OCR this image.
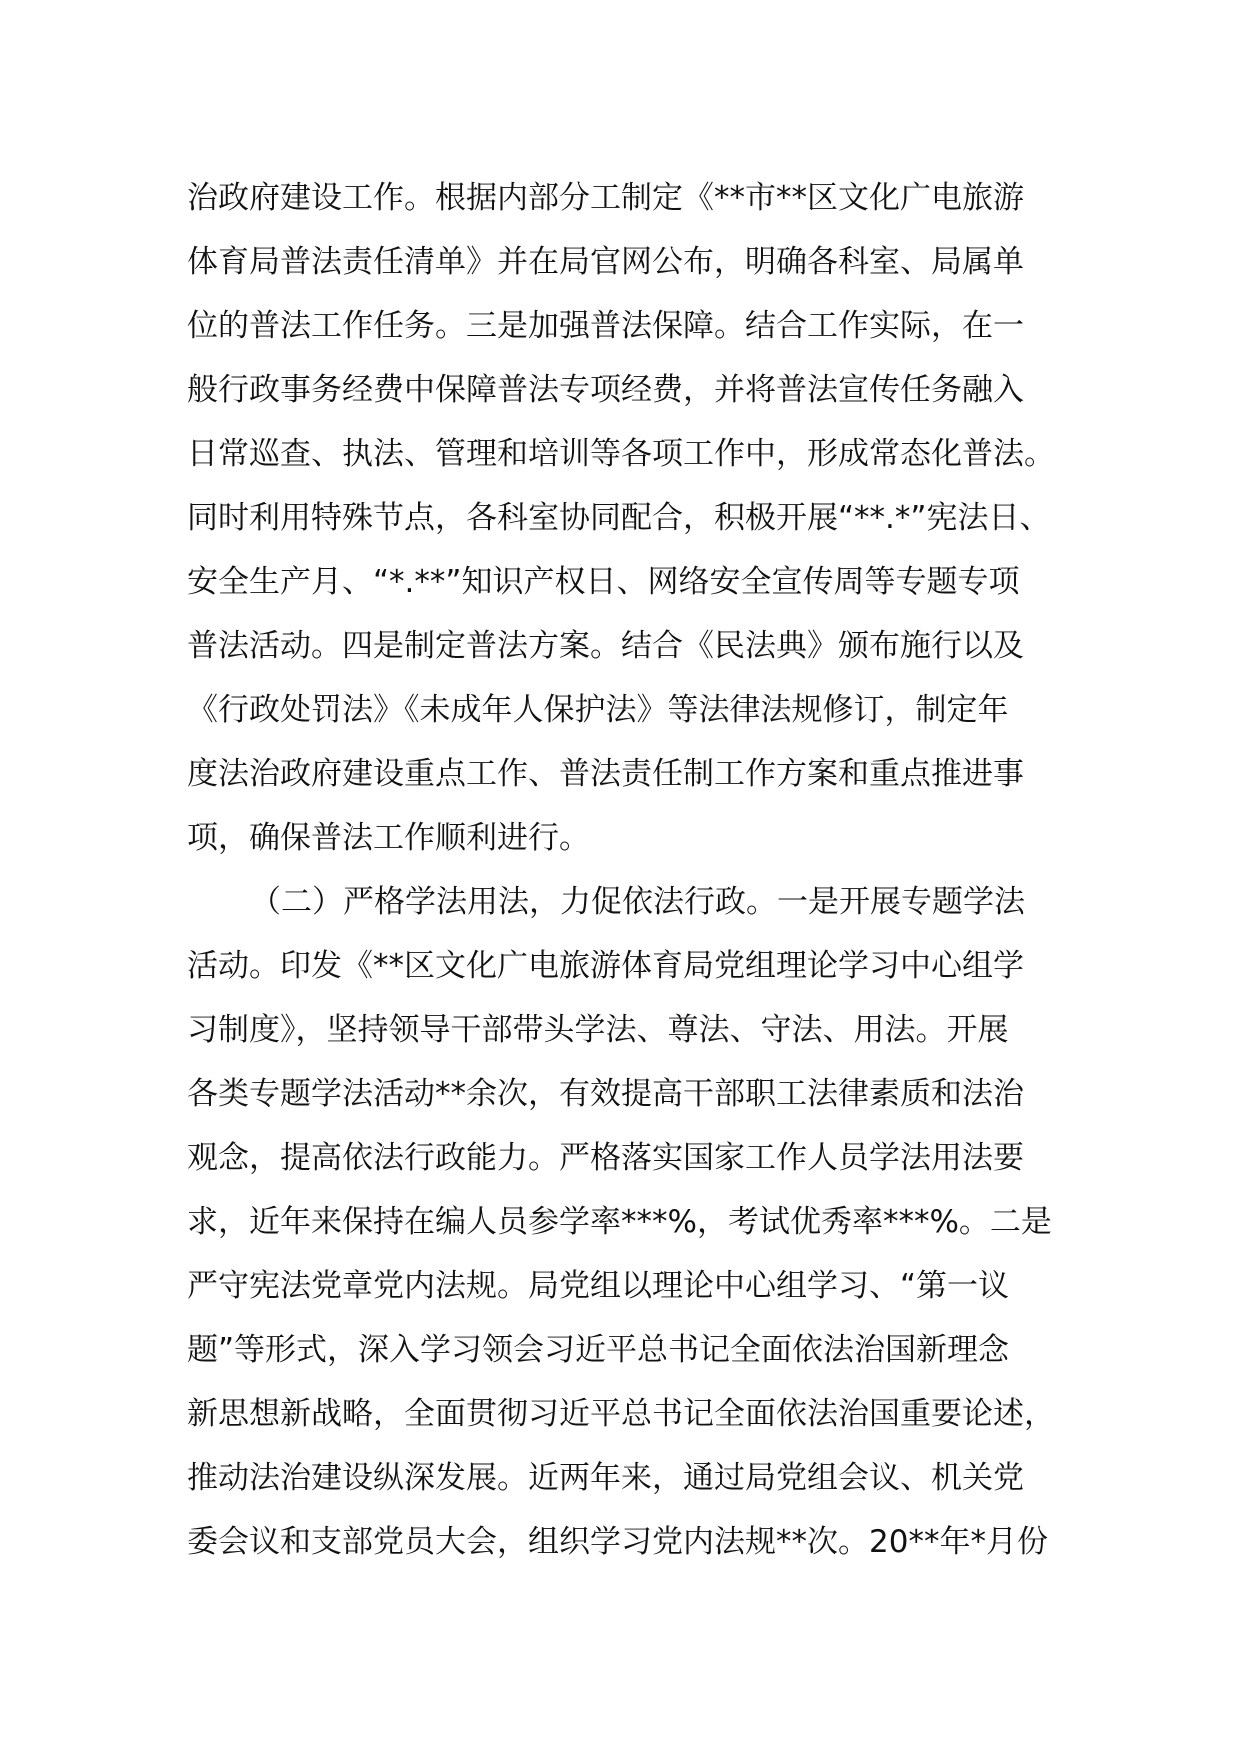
治政府建设工作。根据内部分工制定《**市**区文化广电旅游

体育局普法责任清单》并在局官网公布，明确各科室、局属单

位的普法工作任务。三是加强普法保障。结合工作实际，在一

般行政事务经费中保障普法专项经费，并将普法宣传任务融入

日常巡查、执法、管理和培训等各项工作中，形成常态化普法。

同时利用特殊节点，各科室协同配合，积极开展“**.*”宪法日、

安全生产月、“*.**”知识产权日、网络安全宣传周等专题专项

普法活动。四是制定普法方案。结合《民法典》颁布施行以及

《行政处罚法》《未成年人保护法》等法律法规修订，制定年

度法治政府建设重点工作、普法责任制工作方案和重点推进事

项，确保普法工作顺利进行。

（二）严格学法用法，力促依法行政。一是开展专题学法

活动。印发《**区文化广电旅游体育局党组理论学习中心组学

习制度》，坚持领导干部带头学法、尊法、守法、用法。开展

各类专题学法活动**余次，有效提高干部职工法律素质和法治

观念，提高依法行政能力。严格落实国家工作人员学法用法要

求，近年来保持在编人员参学率***%，考试优秀率***%。二是

严守宪法党章党内法规。局党组以理论中心组学习、“第一议

题”等形式，深入学习领会习近平总书记全面依法治国新理念

新思想新战略，全面贯彻习近平总书记全面依法治国重要论述，

推动法治建设纵深发展。近两年来，通过局党组会议、机关党

委会议和支部党员大会，组织学习党内法规**次。20**年*月份
